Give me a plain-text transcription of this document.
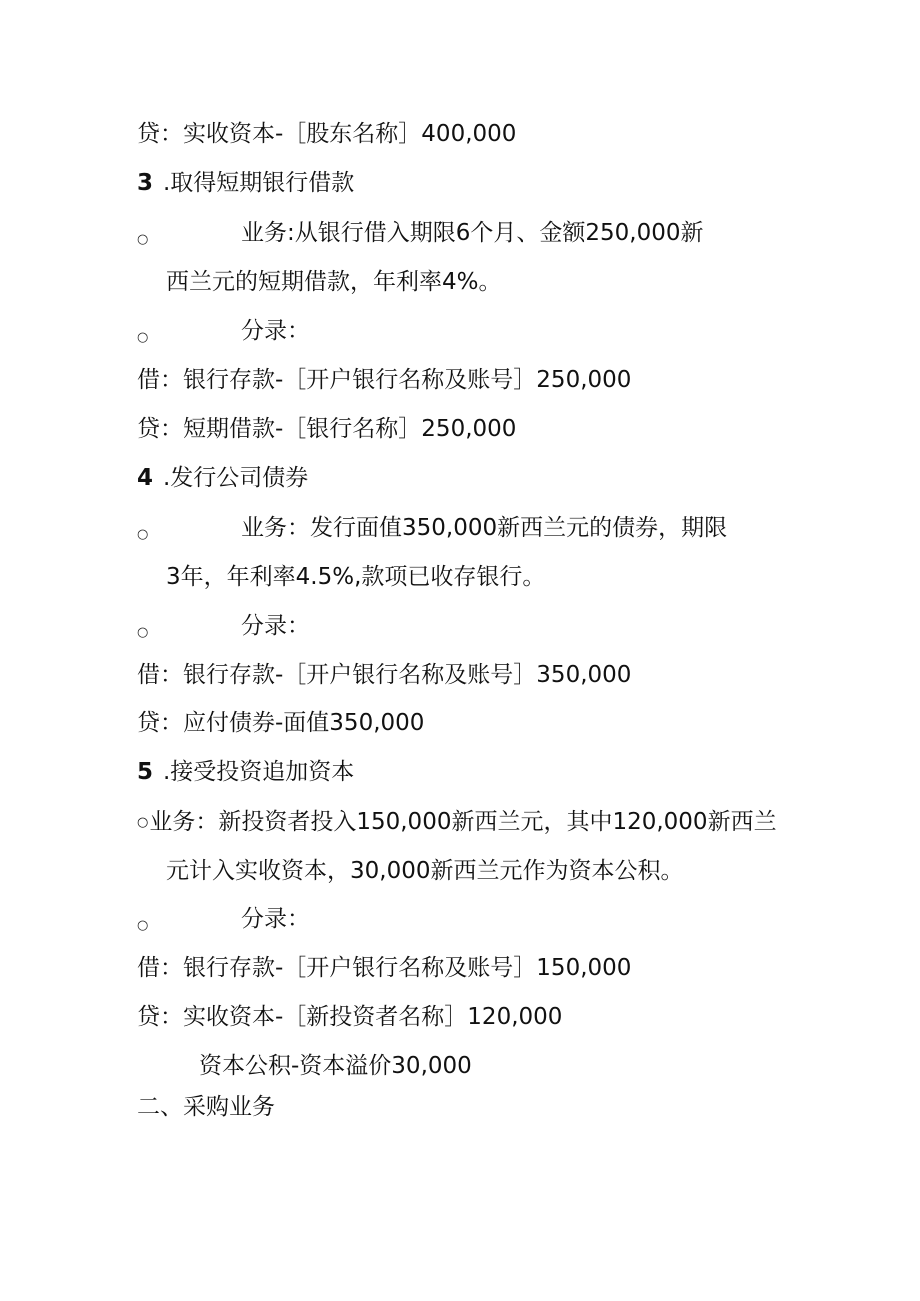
贷：实收资本-［股东名称］400,000
3 .取得短期银行借款
○	业务:从银行借入期限6个月、金额250,000新
西兰元的短期借款，年利率4%。
○	分录：
借：银行存款-［开户银行名称及账号］250,000
贷：短期借款-［银行名称］250,000
4 .发行公司债券
○	业务：发行面值350,000新西兰元的债券，期限
3年，年利率4.5%,款项已收存银行。
○	分录：
借：银行存款-［开户银行名称及账号］350,000
贷：应付债券-面值350,000
5 .接受投资追加资本
○业务：新投资者投入150,000新西兰元，其中120,000新西兰
元计入实收资本，30,000新西兰元作为资本公积。
○	分录：
借：银行存款-［开户银行名称及账号］150,000
贷：实收资本-［新投资者名称］120,000
资本公积-资本溢价30,000
二、采购业务
